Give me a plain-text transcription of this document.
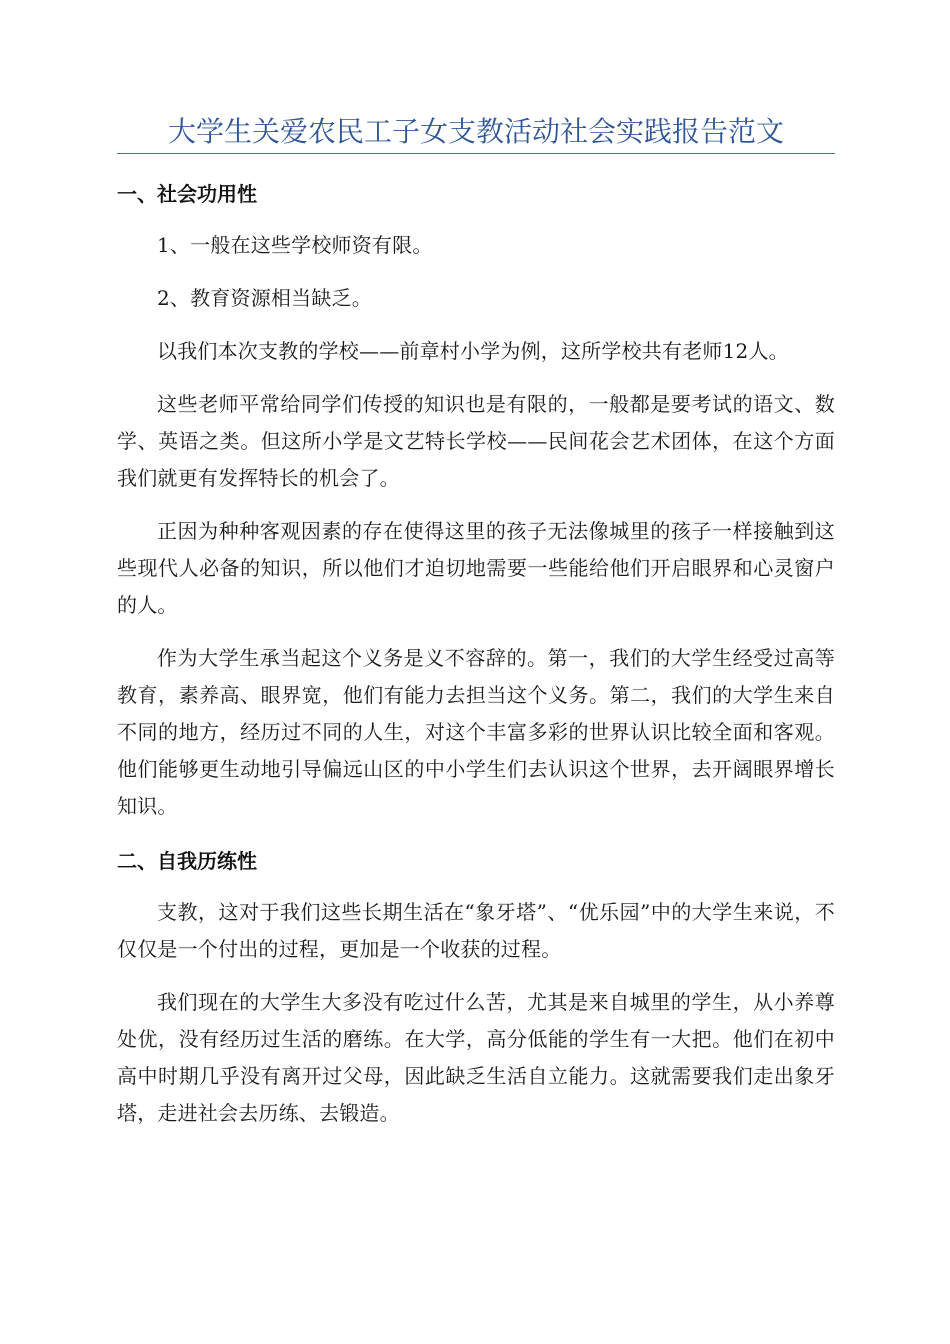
大学生关爱农民工子女支教活动社会实践报告范文
一、社会功用性

1、一般在这些学校师资有限。

2、教育资源相当缺乏。

以我们本次支教的学校——前章村小学为例，这所学校共有老师12人。

这些老师平常给同学们传授的知识也是有限的，一般都是要考试的语文、数学、英语之类。但这所小学是文艺特长学校——民间花会艺术团体，在这个方面我们就更有发挥特长的机会了。

正因为种种客观因素的存在使得这里的孩子无法像城里的孩子一样接触到这些现代人必备的知识，所以他们才迫切地需要一些能给他们开启眼界和心灵窗户的人。

作为大学生承当起这个义务是义不容辞的。第一，我们的大学生经受过高等教育，素养高、眼界宽，他们有能力去担当这个义务。第二，我们的大学生来自不同的地方，经历过不同的人生，对这个丰富多彩的世界认识比较全面和客观。他们能够更生动地引导偏远山区的中小学生们去认识这个世界，去开阔眼界增长知识。

二、自我历练性

支教，这对于我们这些长期生活在“象牙塔”、“优乐园”中的大学生来说，不仅仅是一个付出的过程，更加是一个收获的过程。

我们现在的大学生大多没有吃过什么苦，尤其是来自城里的学生，从小养尊处优，没有经历过生活的磨练。在大学，高分低能的学生有一大把。他们在初中高中时期几乎没有离开过父母，因此缺乏生活自立能力。这就需要我们走出象牙塔，走进社会去历练、去锻造。
